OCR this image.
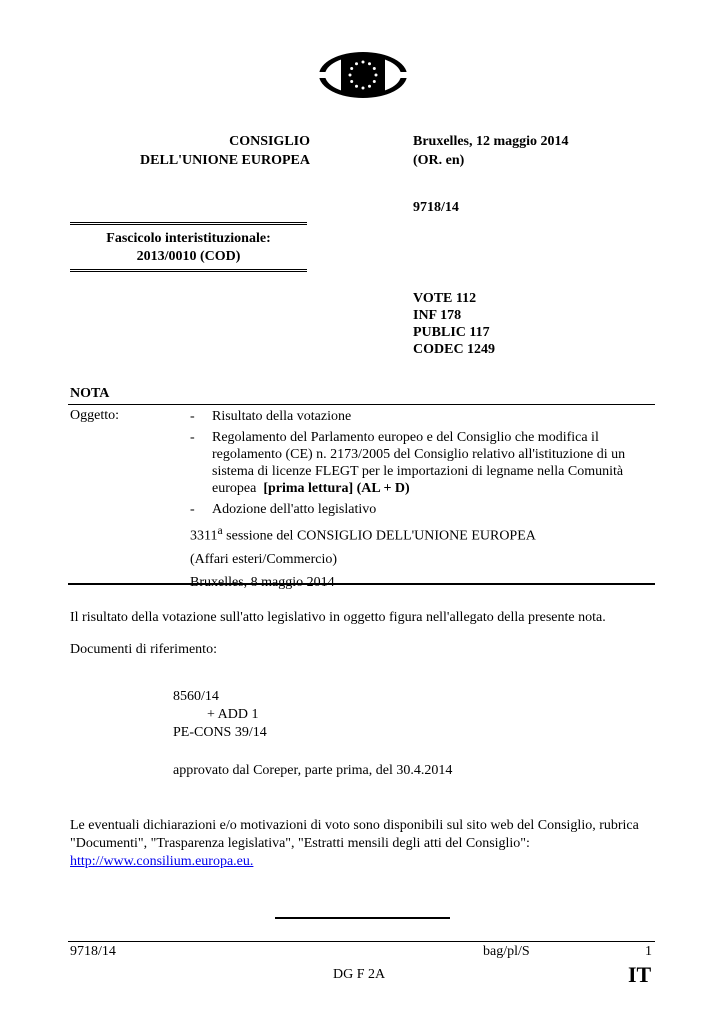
CONSIGLIO
DELL'UNIONE EUROPEA
Bruxelles, 12 maggio 2014
(OR. en)
9718/14
Fascicolo interistituzionale:
2013/0010 (COD)
VOTE 112
INF 178
PUBLIC 117
CODEC 1249
NOTA
Oggetto:	- Risultato della votazione
- Regolamento del Parlamento europeo e del Consiglio che modifica il regolamento (CE) n. 2173/2005 del Consiglio relativo all'istituzione di un sistema di licenze FLEGT per le importazioni di legname nella Comunità europea [prima lettura] (AL + D)
- Adozione dell'atto legislativo
3311$^a$ sessione del CONSIGLIO DELL'UNIONE EUROPEA
(Affari esteri/Commercio)
Bruxelles, 8 maggio 2014
Il risultato della votazione sull'atto legislativo in oggetto figura nell'allegato della presente nota.
Documenti di riferimento:
8560/14
+ ADD 1
PE-CONS 39/14
approvato dal Coreper, parte prima, del 30.4.2014
Le eventuali dichiarazioni e/o motivazioni di voto sono disponibili sul sito web del Consiglio, rubrica "Documenti", "Trasparenza legislativa", "Estratti mensili degli atti del Consiglio":
http://www.consilium.europa.eu.
9718/14	bag/pl/S	1
DG F 2A	IT
